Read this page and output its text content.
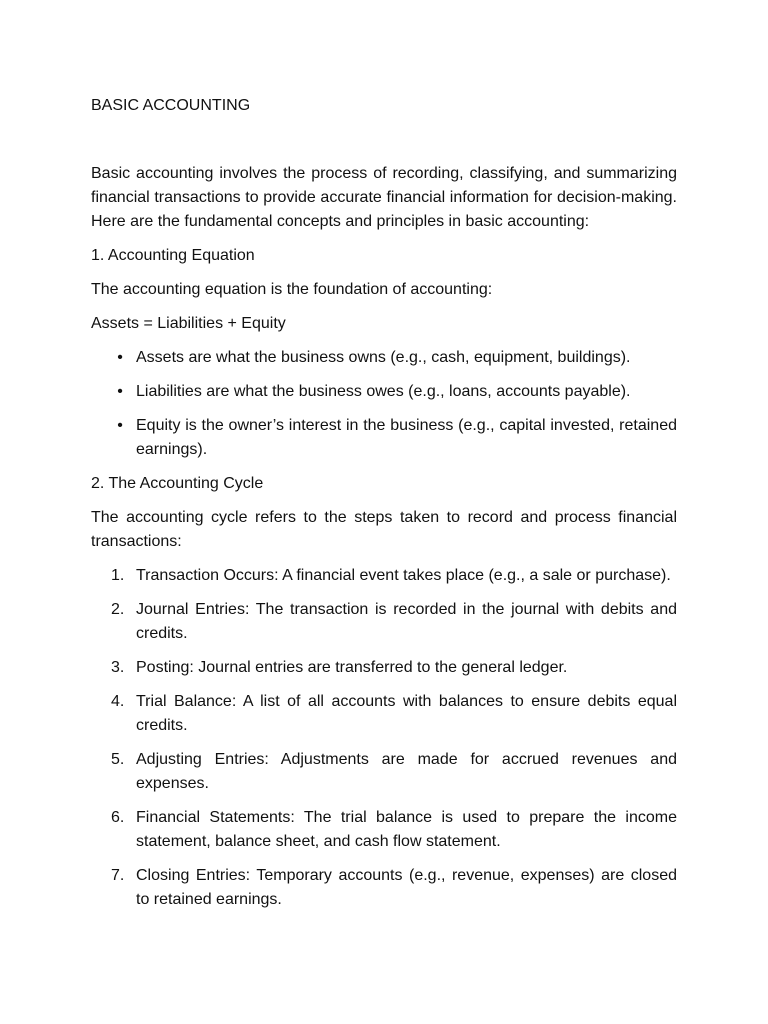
BASIC ACCOUNTING

Basic accounting involves the process of recording, classifying, and summarizing financial transactions to provide accurate financial information for decision-making. Here are the fundamental concepts and principles in basic accounting:

1. Accounting Equation

The accounting equation is the foundation of accounting:

Assets = Liabilities + Equity

• Assets are what the business owns (e.g., cash, equipment, buildings).
• Liabilities are what the business owes (e.g., loans, accounts payable).
• Equity is the owner’s interest in the business (e.g., capital invested, retained earnings).

2. The Accounting Cycle

The accounting cycle refers to the steps taken to record and process financial transactions:

1. Transaction Occurs: A financial event takes place (e.g., a sale or purchase).
2. Journal Entries: The transaction is recorded in the journal with debits and credits.
3. Posting: Journal entries are transferred to the general ledger.
4. Trial Balance: A list of all accounts with balances to ensure debits equal credits.
5. Adjusting Entries: Adjustments are made for accrued revenues and expenses.
6. Financial Statements: The trial balance is used to prepare the income statement, balance sheet, and cash flow statement.
7. Closing Entries: Temporary accounts (e.g., revenue, expenses) are closed to retained earnings.
